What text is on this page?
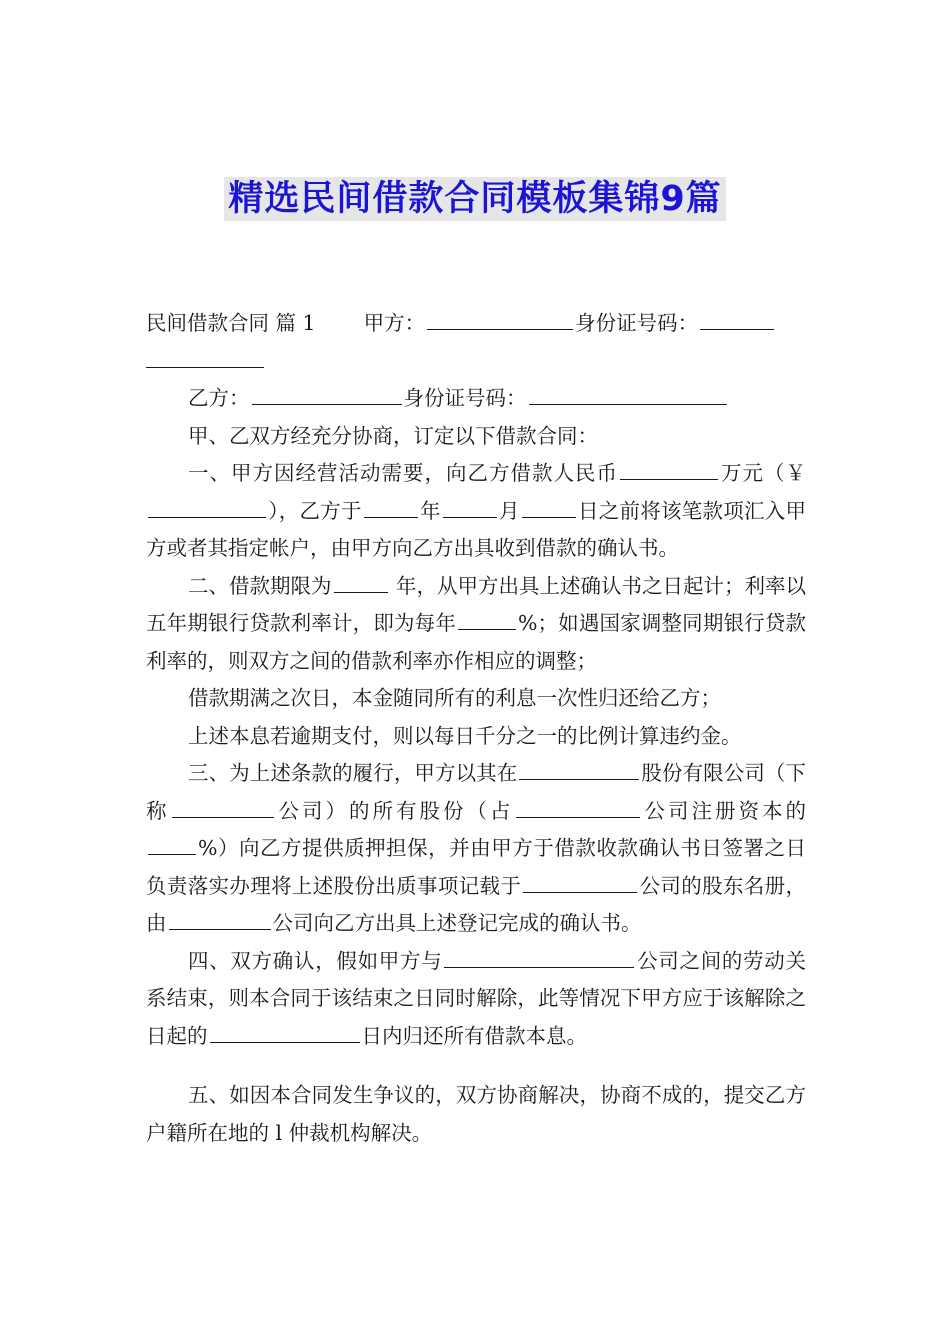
精选民间借款合同模板集锦9篇

民间借款合同 篇 1 甲方：	身份证号码：

乙方：	身份证号码：

甲、乙双方经充分协商，订定以下借款合同：

一、甲方因经营活动需要，向乙方借款人民币	万元（￥），乙方于	年	月	日之前将该笔款项汇入甲方或者其指定帐户，由甲方向乙方出具收到借款的确认书。

二、借款期限为	年，从甲方出具上述确认书之日起计；利率以五年期银行贷款利率计，即为每年	%；如遇国家调整同期银行贷款利率的，则双方之间的借款利率亦作相应的调整；

借款期满之次日，本金随同所有的利息一次性归还给乙方；

上述本息若逾期支付，则以每日千分之一的比例计算违约金。

三、为上述条款的履行，甲方以其在	股份有限公司（下称	公司）的所有股份（占	公司注册资本的 %）向乙方提供质押担保，并由甲方于借款收款确认书日签署之日负责落实办理将上述股份出质事项记载于	公司的股东名册，由	公司向乙方出具上述登记完成的确认书。

四、双方确认，假如甲方与	公司之间的劳动关系结束，则本合同于该结束之日同时解除，此等情况下甲方应于该解除之日起的	日内归还所有借款本息。

五、如因本合同发生争议的，双方协商解决，协商不成的，提交乙方户籍所在地的 l 仲裁机构解决。
